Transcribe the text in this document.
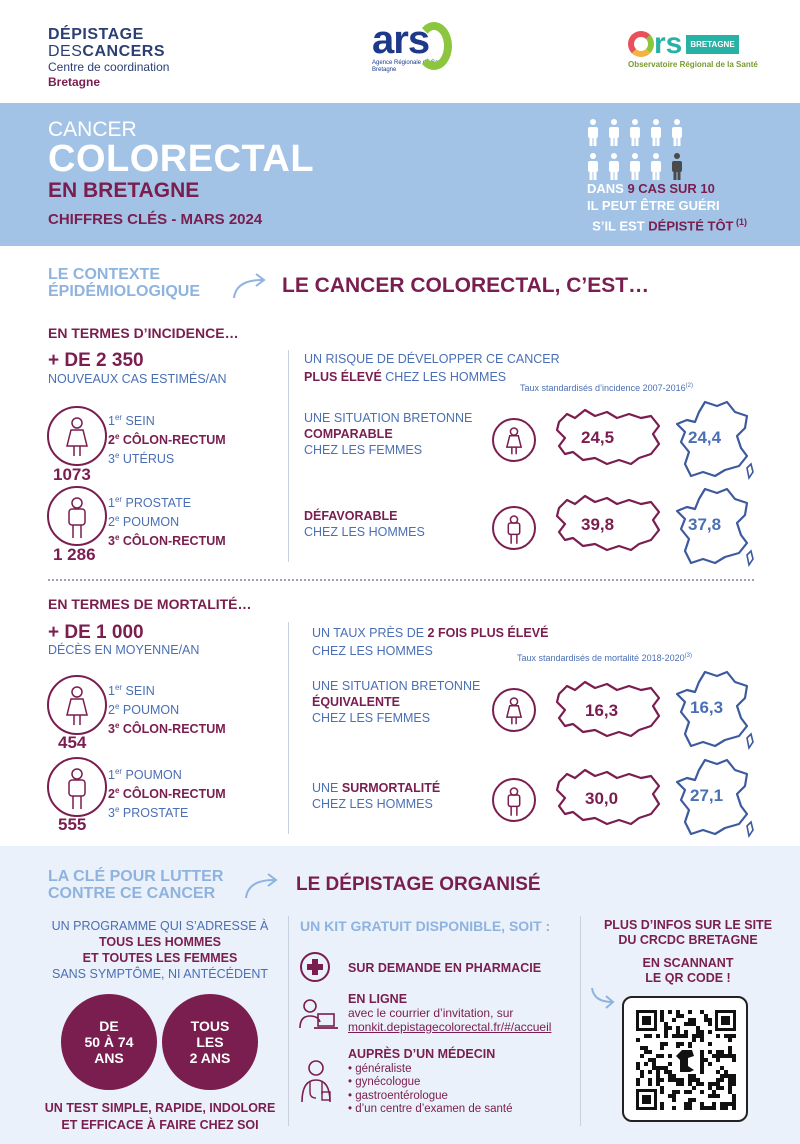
DÉPISTAGE
DESCANCERS
Centre de coordination
Bretagne
ars
Agence Régionale de Santé
Bretagne
rs	BRETAGNE
Observatoire Régional de la Santé
CANCER
COLORECTAL
EN BRETAGNE
CHIFFRES CLÉS - MARS 2024
DANS 9 CAS SUR 10
IL PEUT ÊTRE GUÉRI
S’IL EST DÉPISTÉ TÔT $^{(1)}$
LE CONTEXTE
ÉPIDÉMIOLOGIQUE	LE CANCER COLORECTAL, C’EST…
EN TERMES D’INCIDENCE…
+ DE 2 350
NOUVEAUX CAS ESTIMÉS/AN
1073
1er SEIN
2e CÔLON-RECTUM
3e UTÉRUS
1 286
1er PROSTATE
2e POUMON
3e CÔLON-RECTUM
UN RISQUE DE DÉVELOPPER CE CANCER
PLUS ÉLEVÉ CHEZ LES HOMMES
Taux standardisés d’incidence 2007-2016$^{(2)}$
UNE SITUATION BRETONNE
COMPARABLE
CHEZ LES FEMMES
24,5	24,4
DÉFAVORABLE
CHEZ LES HOMMES	39,8	37,8
EN TERMES DE MORTALITÉ…
+ DE 1 000
DÉCÈS EN MOYENNE/AN
454
1er SEIN
2e POUMON
3e CÔLON-RECTUM
555
1er POUMON
2e CÔLON-RECTUM
3e PROSTATE
UN TAUX PRÈS DE 2 FOIS PLUS ÉLEVÉ
CHEZ LES HOMMES	Taux standardisés de mortalité 2018-2020$^{(3)}$
UNE SITUATION BRETONNE
ÉQUIVALENTE
CHEZ LES FEMMES	16,3	16,3
UNE SURMORTALITÉ
CHEZ LES HOMMES	30,0	27,1
LA CLÉ POUR LUTTER
CONTRE CE CANCER	LE DÉPISTAGE ORGANISÉ
UN PROGRAMME QUI S’ADRESSE À
TOUS LES HOMMES
ET TOUTES LES FEMMES
SANS SYMPTÔME, NI ANTÉCÉDENT
DE
50 À 74
ANS
TOUS
LES
2 ANS
UN TEST SIMPLE, RAPIDE, INDOLORE
ET EFFICACE À FAIRE CHEZ SOI
UN KIT GRATUIT DISPONIBLE, SOIT :
SUR DEMANDE EN PHARMACIE
EN LIGNE
avec le courrier d’invitation, sur
monkit.depistagecolorectal.fr/#/accueil
AUPRÈS D’UN MÉDECIN
• généraliste
• gynécologue
• gastroentérologue
• d’un centre d’examen de santé
PLUS D’INFOS SUR LE SITE
DU CRCDC BRETAGNE
EN SCANNANT
LE QR CODE !
